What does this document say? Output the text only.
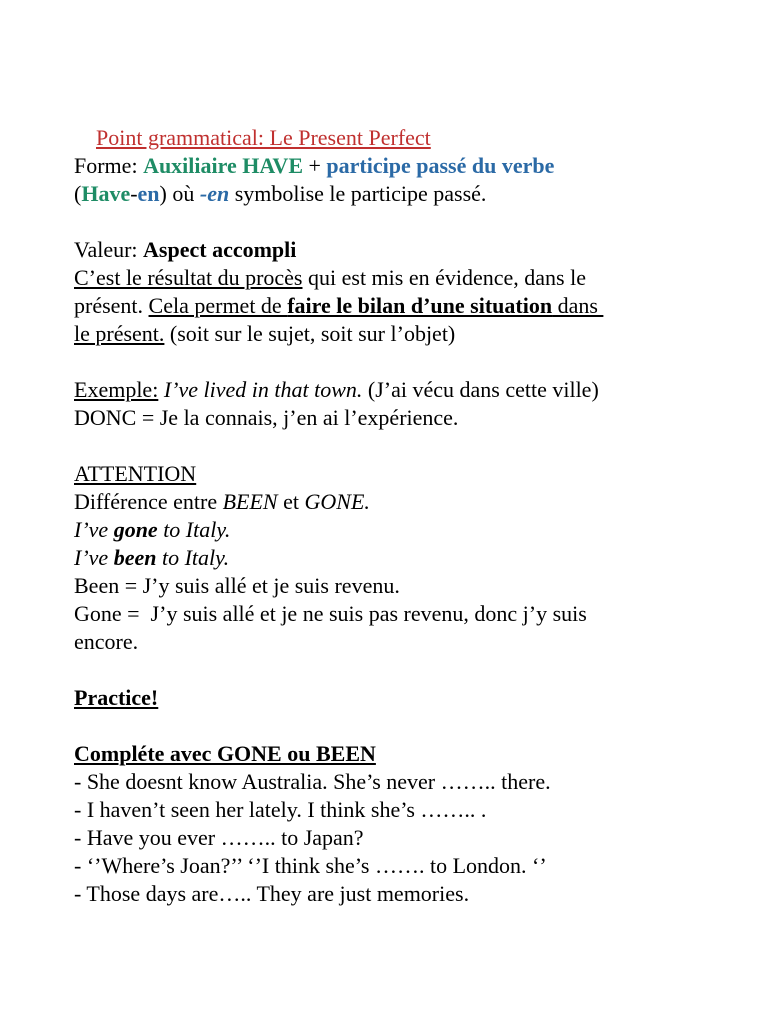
Point grammatical: Le Present Perfect

Forme: Auxiliaire HAVE + participe passé du verbe
(Have-en) où -en symbolise le participe passé.
Valeur: Aspect accompli
C’est le résultat du procès qui est mis en évidence, dans le
présent. Cela permet de faire le bilan d’une situation dans
le présent. (soit sur le sujet, soit sur l’objet)
Exemple: I’ve lived in that town. (J’ai vécu dans cette ville)
DONC = Je la connais, j’en ai l’expérience.
ATTENTION
Différence entre BEEN et GONE.
I’ve gone to Italy.
I’ve been to Italy.
Been = J’y suis allé et je suis revenu.
Gone =  J’y suis allé et je ne suis pas revenu, donc j’y suis
encore.
Practice!
Compléte avec GONE ou BEEN
- She doesnt know Australia. She’s never …….. there.
- I haven’t seen her lately. I think she’s …….. .
- Have you ever …….. to Japan?
- ‘’Where’s Joan?’’ ‘’I think she’s ……. to London. ‘’
- Those days are….. They are just memories.
